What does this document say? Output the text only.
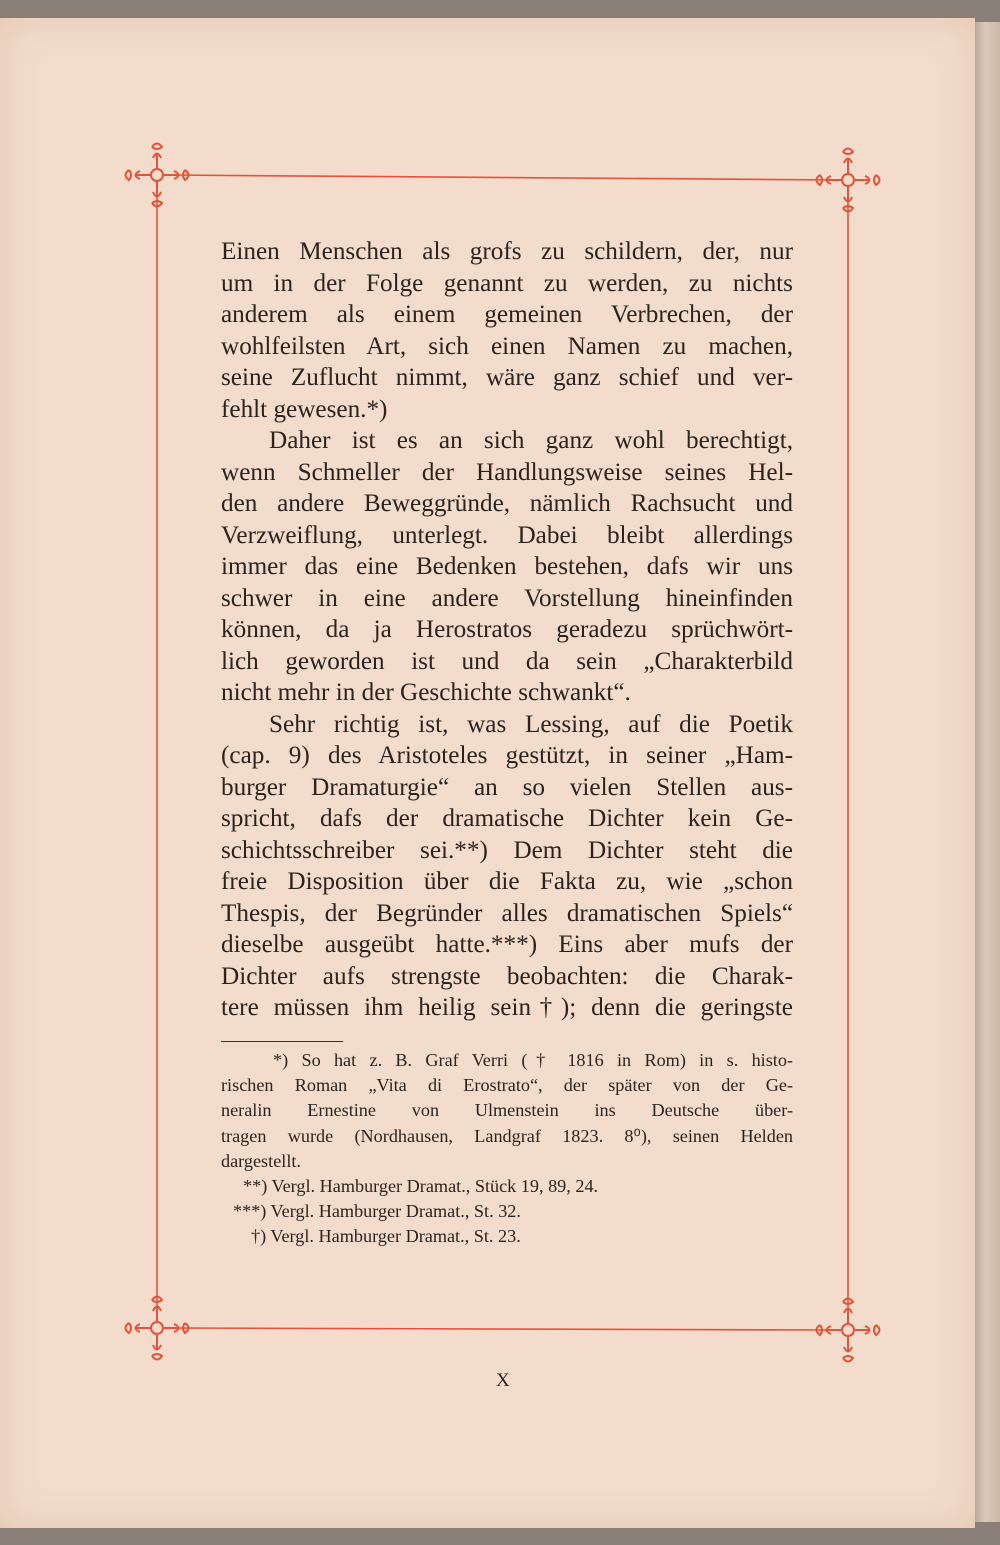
Einen Menschen als grofs zu schildern, der, nur
um in der Folge genannt zu werden, zu nichts
anderem als einem gemeinen Verbrechen, der
wohlfeilsten Art, sich einen Namen zu machen,
seine Zuflucht nimmt, wäre ganz schief und ver-
fehlt gewesen.*)
Daher ist es an sich ganz wohl berechtigt,
wenn Schmeller der Handlungsweise seines Hel-
den andere Beweggründe, nämlich Rachsucht und
Verzweiflung, unterlegt. Dabei bleibt allerdings
immer das eine Bedenken bestehen, dafs wir uns
schwer in eine andere Vorstellung hineinfinden
können, da ja Herostratos geradezu sprüchwört-
lich geworden ist und da sein „Charakterbild
nicht mehr in der Geschichte schwankt“.
Sehr richtig ist, was Lessing, auf die Poetik
(cap. 9) des Aristoteles gestützt, in seiner „Ham-
burger Dramaturgie“ an so vielen Stellen aus-
spricht, dafs der dramatische Dichter kein Ge-
schichtsschreiber sei.**) Dem Dichter steht die
freie Disposition über die Fakta zu, wie „schon
Thespis, der Begründer alles dramatischen Spiels“
dieselbe ausgeübt hatte.***) Eins aber mufs der
Dichter aufs strengste beobachten: die Charak-
tere müssen ihm heilig sein†); denn die geringste
*) So hat z. B. Graf Verri († 1816 in Rom) in s. histo-
rischen Roman „Vita di Erostrato“, der später von der Ge-
neralin Ernestine von Ulmenstein ins Deutsche über-
tragen wurde (Nordhausen, Landgraf 1823. 8⁰), seinen Helden
dargestellt.
**) Vergl. Hamburger Dramat., Stück 19, 89, 24.
***) Vergl. Hamburger Dramat., St. 32.
†) Vergl. Hamburger Dramat., St. 23.
X
